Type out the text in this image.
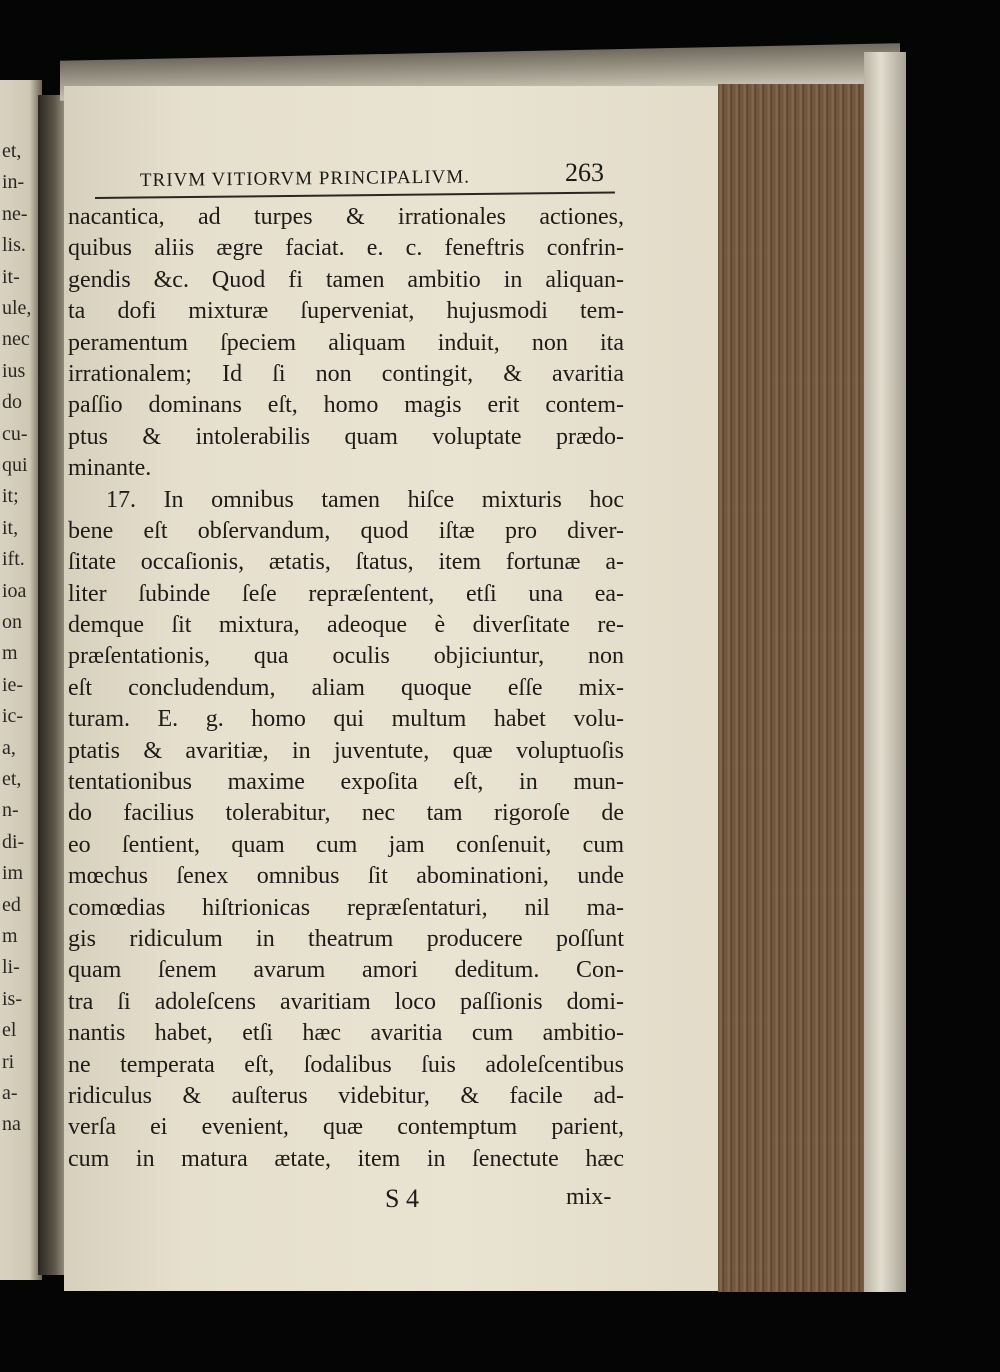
et,
in-
ne-
lis.
it-
ule,
nec
ius
do
cu-
qui
it;
it,
ift.
ioa
on
m
ie-
ic-
a,
et,
n-
di-
im
ed
m
li-
is-
el
ri
a-
na
TRIVM VITIORVM PRINCIPALIVM.	263
nacantica, ad turpes & irrationales actiones,
quibus aliis ægre faciat. e. c. feneftris confrin-
gendis &c. Quod fi tamen ambitio in aliquan-
ta dofi mixturæ ſuperveniat, hujusmodi tem-
peramentum ſpeciem aliquam induit, non ita
irrationalem; Id ſi non contingit, & avaritia
paſſio dominans eſt, homo magis erit contem-
ptus & intolerabilis quam voluptate prædo-
minante.
17. In omnibus tamen hiſce mixturis hoc
bene eſt obſervandum, quod iſtæ pro diver-
ſitate occaſionis, ætatis, ſtatus, item fortunæ a-
liter ſubinde ſeſe repræſentent, etſi una ea-
demque ſit mixtura, adeoque è diverſitate re-
præſentationis, qua oculis objiciuntur, non
eſt concludendum, aliam quoque eſſe mix-
turam. E. g. homo qui multum habet volu-
ptatis & avaritiæ, in juventute, quæ voluptuoſis
tentationibus maxime expoſita eſt, in mun-
do facilius tolerabitur, nec tam rigoroſe de
eo ſentient, quam cum jam conſenuit, cum
mœchus ſenex omnibus ſit abominationi, unde
comœdias hiſtrionicas repræſentaturi, nil ma-
gis ridiculum in theatrum producere poſſunt
quam ſenem avarum amori deditum. Con-
tra ſi adoleſcens avaritiam loco paſſionis domi-
nantis habet, etſi hæc avaritia cum ambitio-
ne temperata eſt, ſodalibus ſuis adoleſcentibus
ridiculus & auſterus videbitur, & facile ad-
verſa ei evenient, quæ contemptum parient,
cum in matura ætate, item in ſenectute hæc
S 4	mix-
